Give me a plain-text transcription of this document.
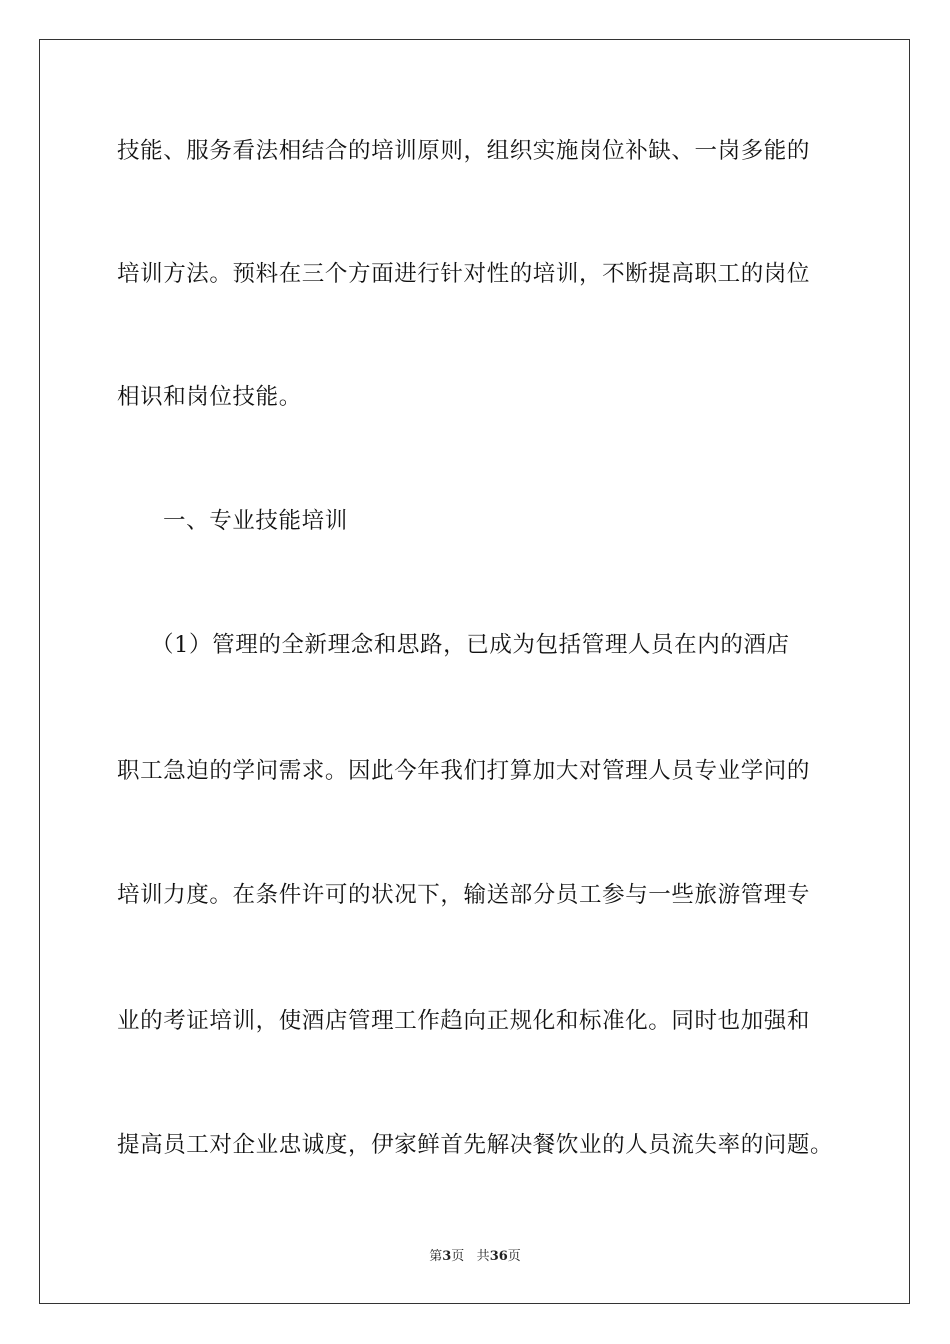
技能、服务看法相结合的培训原则，组织实施岗位补缺、一岗多能的
培训方法。预料在三个方面进行针对性的培训，不断提高职工的岗位
相识和岗位技能。
一、专业技能培训
（1）管理的全新理念和思路，已成为包括管理人员在内的酒店
职工急迫的学问需求。因此今年我们打算加大对管理人员专业学问的
培训力度。在条件许可的状况下，输送部分员工参与一些旅游管理专
业的考证培训，使酒店管理工作趋向正规化和标准化。同时也加强和
提高员工对企业忠诚度，伊家鲜首先解决餐饮业的人员流失率的问题。
第3页 共36页
